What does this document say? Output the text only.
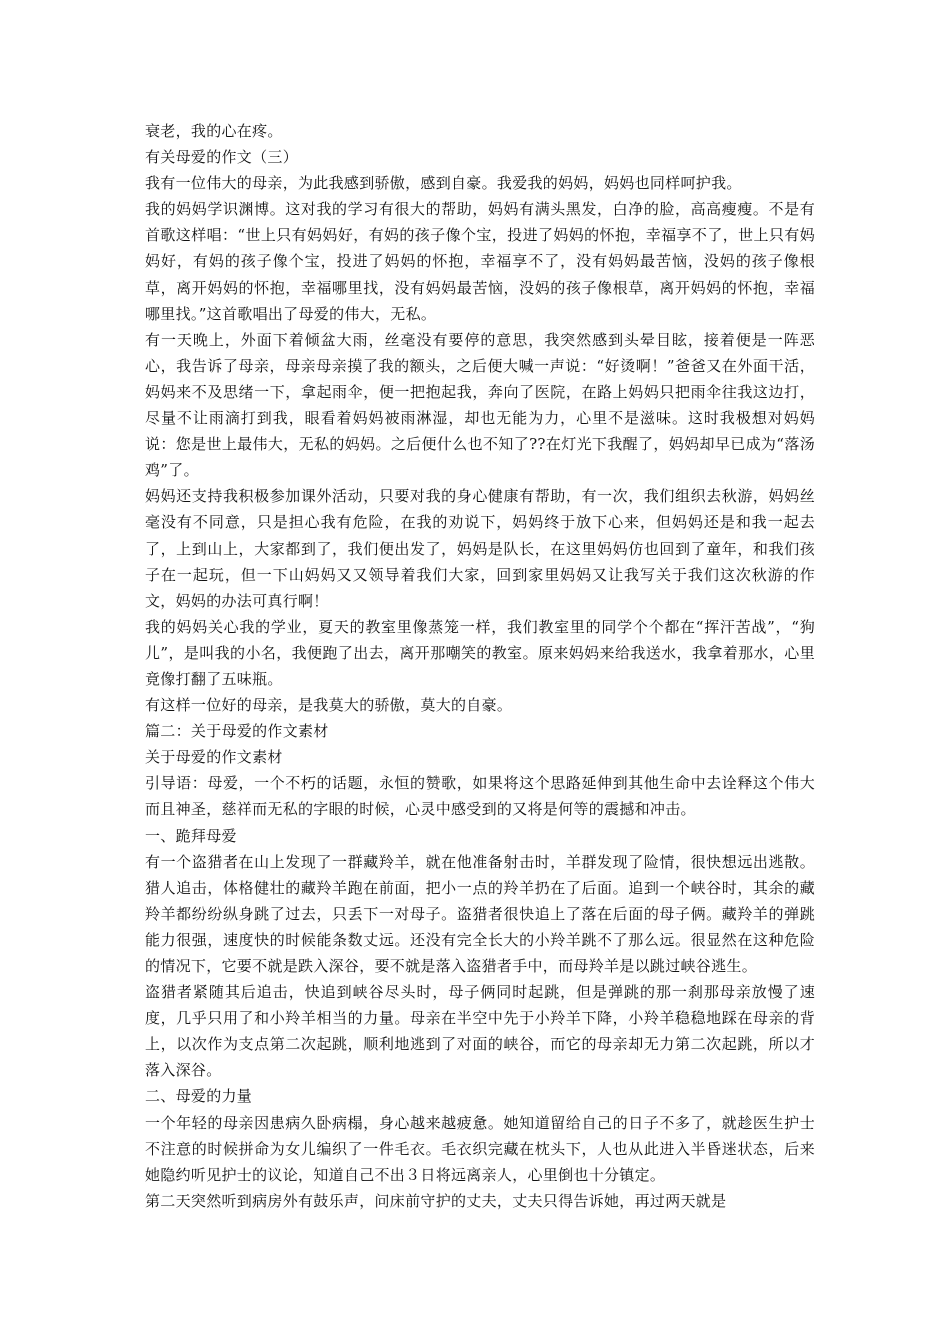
衰老，我的心在疼。

有关母爱的作文（三）

我有一位伟大的母亲，为此我感到骄傲，感到自豪。我爱我的妈妈，妈妈也同样呵护我。

我的妈妈学识渊博。这对我的学习有很大的帮助，妈妈有满头黑发，白净的脸，高高瘦瘦。不是有首歌这样唱：“世上只有妈妈好，有妈的孩子像个宝，投进了妈妈的怀抱，幸福享不了，世上只有妈妈好，有妈的孩子像个宝，投进了妈妈的怀抱，幸福享不了，没有妈妈最苦恼，没妈的孩子像根草，离开妈妈的怀抱，幸福哪里找，没有妈妈最苦恼，没妈的孩子像根草，离开妈妈的怀抱，幸福哪里找。”这首歌唱出了母爱的伟大，无私。

有一天晚上，外面下着倾盆大雨，丝毫没有要停的意思，我突然感到头晕目眩，接着便是一阵恶心，我告诉了母亲，母亲母亲摸了我的额头，之后便大喊一声说：“好烫啊！”爸爸又在外面干活，妈妈来不及思绪一下，拿起雨伞，便一把抱起我，奔向了医院，在路上妈妈只把雨伞往我这边打，尽量不让雨滴打到我，眼看着妈妈被雨淋湿，却也无能为力，心里不是滋味。这时我极想对妈妈说：您是世上最伟大，无私的妈妈。之后便什么也不知了??在灯光下我醒了，妈妈却早已成为“落汤鸡”了。

妈妈还支持我积极参加课外活动，只要对我的身心健康有帮助，有一次，我们组织去秋游，妈妈丝毫没有不同意，只是担心我有危险，在我的劝说下，妈妈终于放下心来，但妈妈还是和我一起去了，上到山上，大家都到了，我们便出发了，妈妈是队长，在这里妈妈仿也回到了童年，和我们孩子在一起玩，但一下山妈妈又又领导着我们大家，回到家里妈妈又让我写关于我们这次秋游的作文，妈妈的办法可真行啊！

我的妈妈关心我的学业，夏天的教室里像蒸笼一样，我们教室里的同学个个都在“挥汗苦战”，“狗儿”，是叫我的小名，我便跑了出去，离开那嘲笑的教室。原来妈妈来给我送水，我拿着那水，心里竟像打翻了五味瓶。

有这样一位好的母亲，是我莫大的骄傲，莫大的自豪。

篇二：关于母爱的作文素材

关于母爱的作文素材

引导语：母爱，一个不朽的话题，永恒的赞歌，如果将这个思路延伸到其他生命中去诠释这个伟大而且神圣，慈祥而无私的字眼的时候，心灵中感受到的又将是何等的震撼和冲击。

一、跪拜母爱

有一个盗猎者在山上发现了一群藏羚羊，就在他准备射击时，羊群发现了险情，很快想远出逃散。猎人追击，体格健壮的藏羚羊跑在前面，把小一点的羚羊扔在了后面。追到一个峡谷时，其余的藏羚羊都纷纷纵身跳了过去，只丢下一对母子。盗猎者很快追上了落在后面的母子俩。藏羚羊的弹跳能力很强，速度快的时候能条数丈远。还没有完全长大的小羚羊跳不了那么远。很显然在这种危险的情况下，它要不就是跌入深谷，要不就是落入盗猎者手中，而母羚羊是以跳过峡谷逃生。

盗猎者紧随其后追击，快追到峡谷尽头时，母子俩同时起跳，但是弹跳的那一刹那母亲放慢了速度，几乎只用了和小羚羊相当的力量。母亲在半空中先于小羚羊下降，小羚羊稳稳地踩在母亲的背上，以次作为支点第二次起跳，顺利地逃到了对面的峡谷，而它的母亲却无力第二次起跳，所以才落入深谷。

二、母爱的力量

一个年轻的母亲因患病久卧病榻，身心越来越疲惫。她知道留给自己的日子不多了，就趁医生护士不注意的时候拼命为女儿编织了一件毛衣。毛衣织完藏在枕头下，人也从此进入半昏迷状态，后来她隐约听见护士的议论，知道自己不出３日将远离亲人，心里倒也十分镇定。

第二天突然听到病房外有鼓乐声，问床前守护的丈夫，丈夫只得告诉她，再过两天就是
